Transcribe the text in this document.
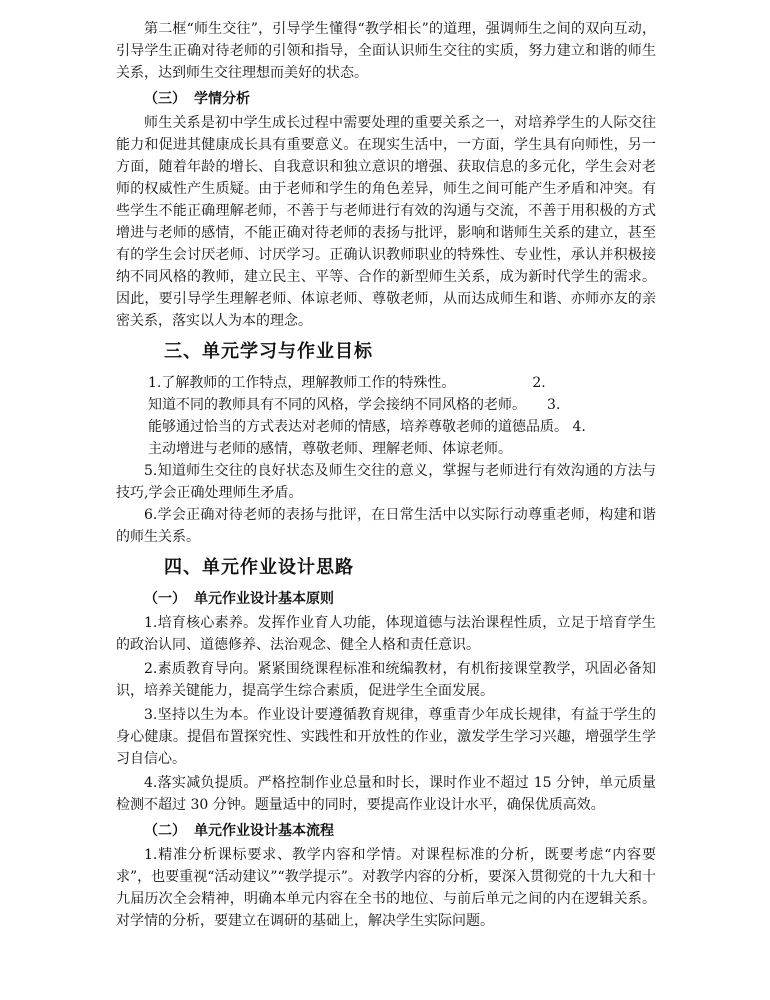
第二框“师生交往”，引导学生懂得“教学相长”的道理，强调师生之间的双向互动，引导学生正确对待老师的引领和指导，全面认识师生交往的实质，努力建立和谐的师生关系，达到师生交往理想而美好的状态。

（三） 学情分析

师生关系是初中学生成长过程中需要处理的重要关系之一，对培养学生的人际交往能力和促进其健康成长具有重要意义。在现实生活中，一方面，学生具有向师性，另一方面，随着年龄的增长、自我意识和独立意识的增强、获取信息的多元化，学生会对老师的权威性产生质疑。由于老师和学生的角色差异，师生之间可能产生矛盾和冲突。有些学生不能正确理解老师，不善于与老师进行有效的沟通与交流，不善于用积极的方式增进与老师的感情，不能正确对待老师的表扬与批评，影响和谐师生关系的建立，甚至有的学生会讨厌老师、讨厌学习。正确认识教师职业的特殊性、专业性，承认并积极接纳不同风格的教师，建立民主、平等、合作的新型师生关系，成为新时代学生的需求。因此，要引导学生理解老师、体谅老师、尊敬老师，从而达成师生和谐、亦师亦友的亲密关系，落实以人为本的理念。

三、单元学习与作业目标

1.了解教师的工作特点，理解教师工作的特殊性。　　　　　　2.

知道不同的教师具有不同的风格，学会接纳不同风格的老师。　　3.

能够通过恰当的方式表达对老师的情感，培养尊敬老师的道德品质。 4.

主动增进与老师的感情，尊敬老师、理解老师、体谅老师。

5.知道师生交往的良好状态及师生交往的意义，掌握与老师进行有效沟通的方法与技巧,学会正确处理师生矛盾。

6.学会正确对待老师的表扬与批评，在日常生活中以实际行动尊重老师，构建和谐的师生关系。

四、单元作业设计思路
（一） 单元作业设计基本原则

1.培育核心素养。发挥作业育人功能，体现道德与法治课程性质，立足于培育学生的政治认同、道德修养、法治观念、健全人格和责任意识。

2.素质教育导向。紧紧围绕课程标准和统编教材，有机衔接课堂教学，巩固必备知识，培养关键能力，提高学生综合素质，促进学生全面发展。

3.坚持以生为本。作业设计要遵循教育规律，尊重青少年成长规律，有益于学生的身心健康。提倡布置探究性、实践性和开放性的作业，激发学生学习兴趣，增强学生学习自信心。

4.落实减负提质。严格控制作业总量和时长，课时作业不超过 15 分钟，单元质量检测不超过 30 分钟。题量适中的同时，要提高作业设计水平，确保优质高效。

（二） 单元作业设计基本流程

1.精准分析课标要求、教学内容和学情。对课程标准的分析，既要考虑“内容要求”，也要重视“活动建议”“教学提示”。对教学内容的分析，要深入贯彻党的十九大和十九届历次全会精神，明确本单元内容在全书的地位、与前后单元之间的内在逻辑关系。对学情的分析，要建立在调研的基础上，解决学生实际问题。
